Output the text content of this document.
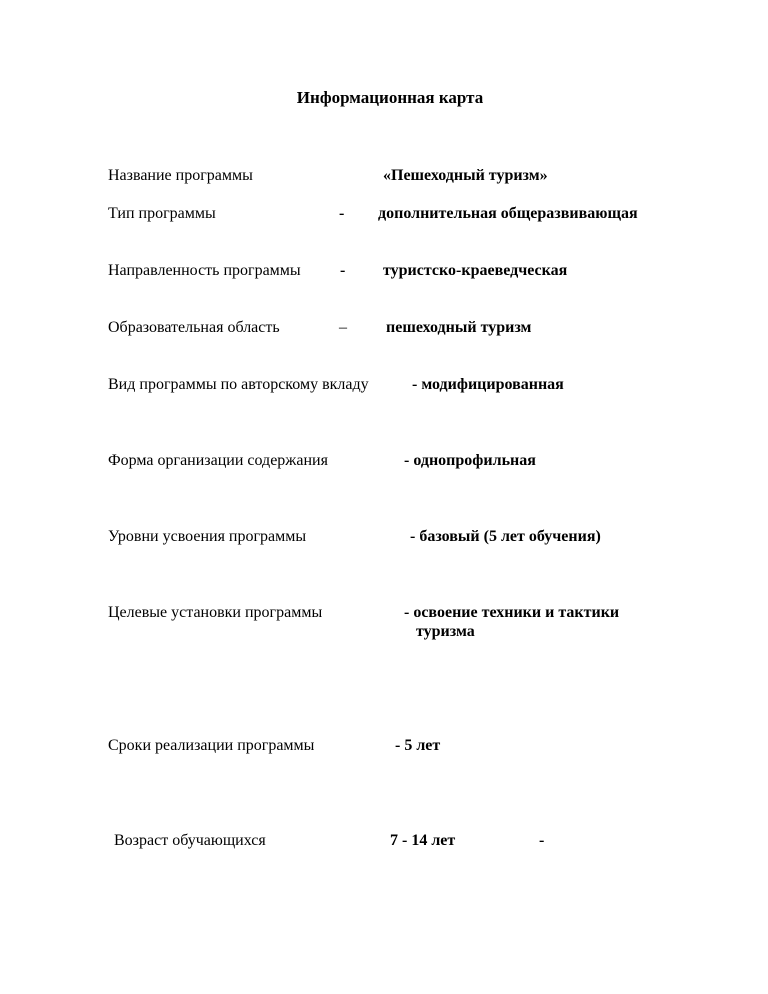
Информационная карта
Название программы	«Пешеходный туризм»
Тип программы	- дополнительная общеразвивающая
Направленность программы - туристско-краеведческая
Образовательная область	– пешеходный туризм
Вид программы по авторскому вкладу	- модифицированная
Форма организации содержания	- однопрофильная
Уровни усвоения программы	- базовый (5 лет обучения)
Целевые установки программы	- освоение техники и тактики
туризма
Сроки реализации программы	- 5 лет
Возраст обучающихся	7 - 14 лет	-
